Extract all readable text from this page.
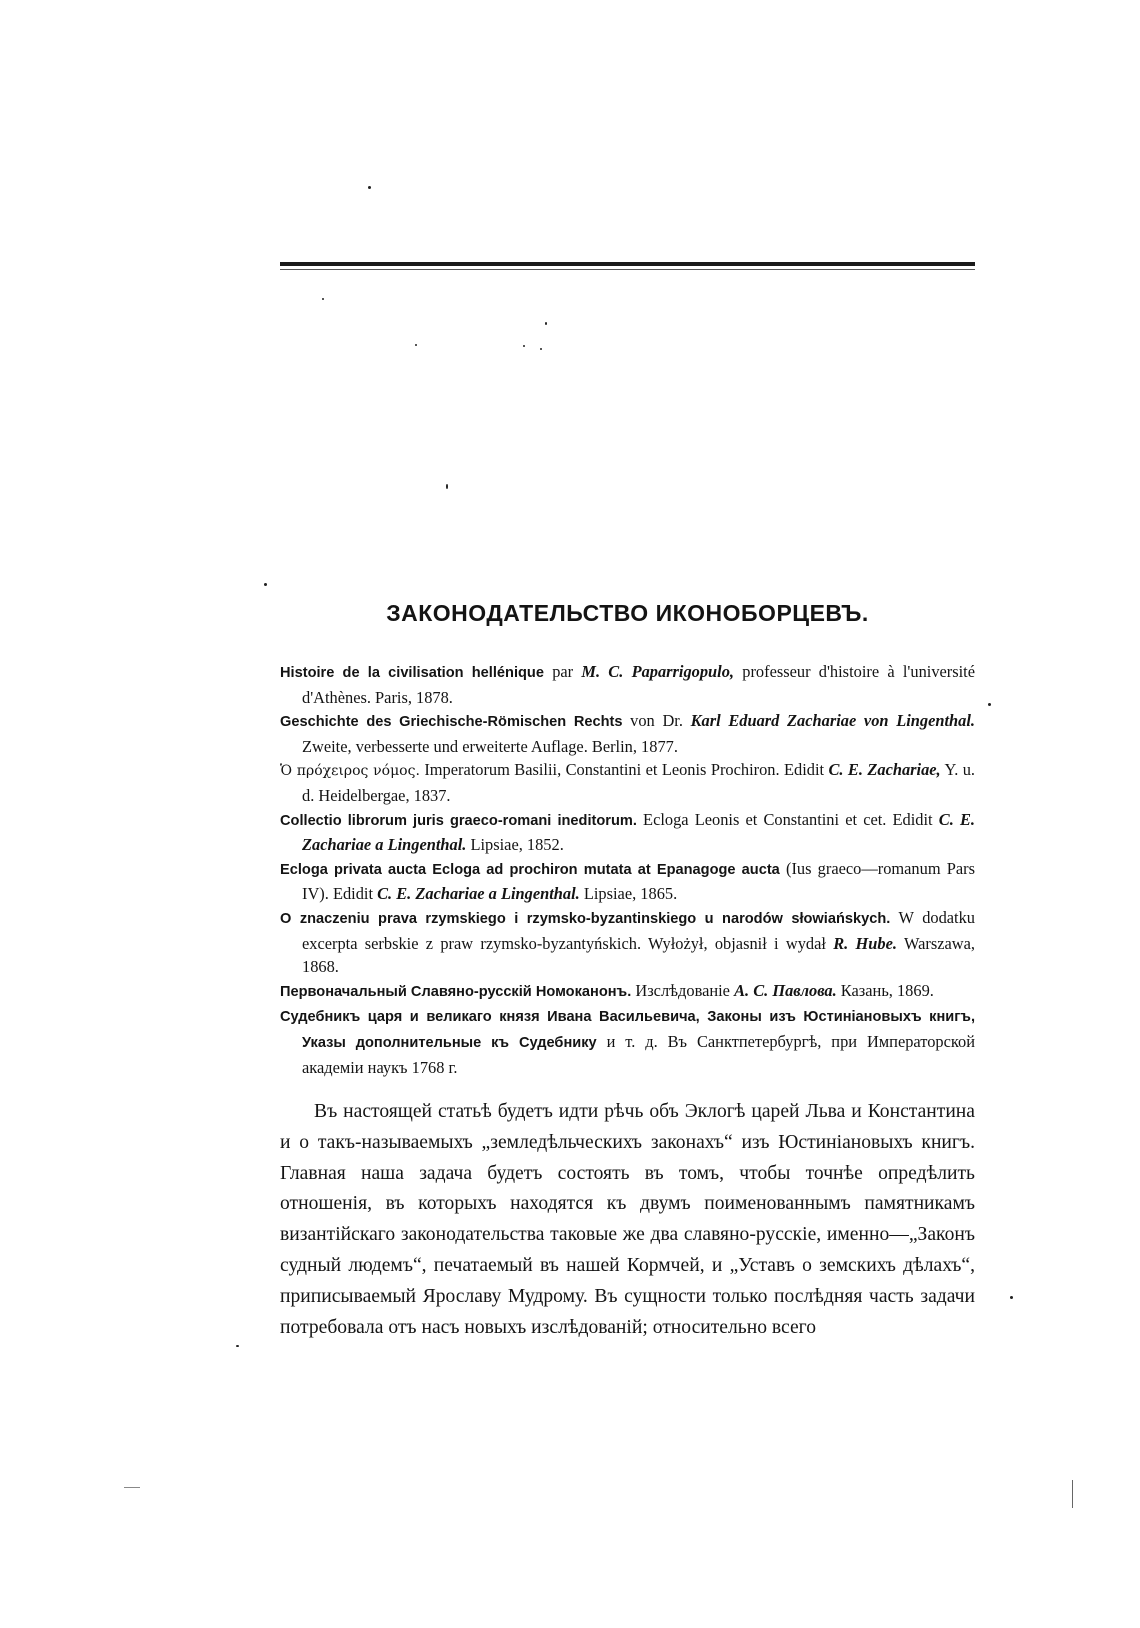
ЗАКОНОДАТЕЛЬСТВО ИКОНОБОРЦЕВЪ.

Histoire de la civilisation hellénique par M. C. Paparrigopulo, professeur d'histoire à l'université d'Athènes. Paris, 1878.

Geschichte des Griechische-Römischen Rechts von Dr. Karl Eduard Zachariae von Lingenthal. Zweite, verbesserte und erweiterte Auflage. Berlin, 1877.

Ὁ πρόχειρος νόμος. Imperatorum Basilii, Constantini et Leonis Prochiron. Edidit C. E. Zachariae, Y. u. d. Heidelbergae, 1837.

Collectio librorum juris graeco-romani ineditorum. Ecloga Leonis et Constantini et cet. Edidit C. E. Zachariae a Lingenthal. Lipsiae, 1852.

Ecloga privata aucta Ecloga ad prochiron mutata at Epanagoge aucta (Ius graeco—romanum Pars IV). Edidit C. E. Zachariae a Lingenthal. Lipsiae, 1865.

O znaczeniu prava rzymskiego i rzymsko-byzantinskiego u narodów słowiańskych. W dodatku excerpta serbskie z praw rzymsko-byzantyńskich. Wyłożył, objasnił i wydał R. Hube. Warszawa, 1868.

Первоначальный Славяно-русскій Номоканонъ. Изслѣдованіе А. С. Павлова. Казань, 1869.

Судебникъ царя и великаго князя Ивана Васильевича, Законы изъ Юстиніановыхъ книгъ, Указы дополнительные къ Судебнику и т. д. Въ Санктпетербургѣ, при Императорской академіи наукъ 1768 г.

Въ настоящей статьѣ будетъ идти рѣчь объ Эклогѣ царей Льва и Константина и о такъ-называемыхъ „земледѣльческихъ законахъ“ изъ Юстиніановыхъ книгъ. Главная наша задача будетъ состоять въ томъ, чтобы точнѣе опредѣлить отношенія, въ которыхъ находятся къ двумъ поименованнымъ памятникамъ византійскаго законодательства таковые же два славяно-русскіе, именно—„Законъ судный людемъ“, печатаемый въ нашей Кормчей, и „Уставъ о земскихъ дѣлахъ“, приписываемый Ярославу Мудрому. Въ сущности только послѣдняя часть задачи потребовала отъ насъ новыхъ изслѣдованій; относительно всего
